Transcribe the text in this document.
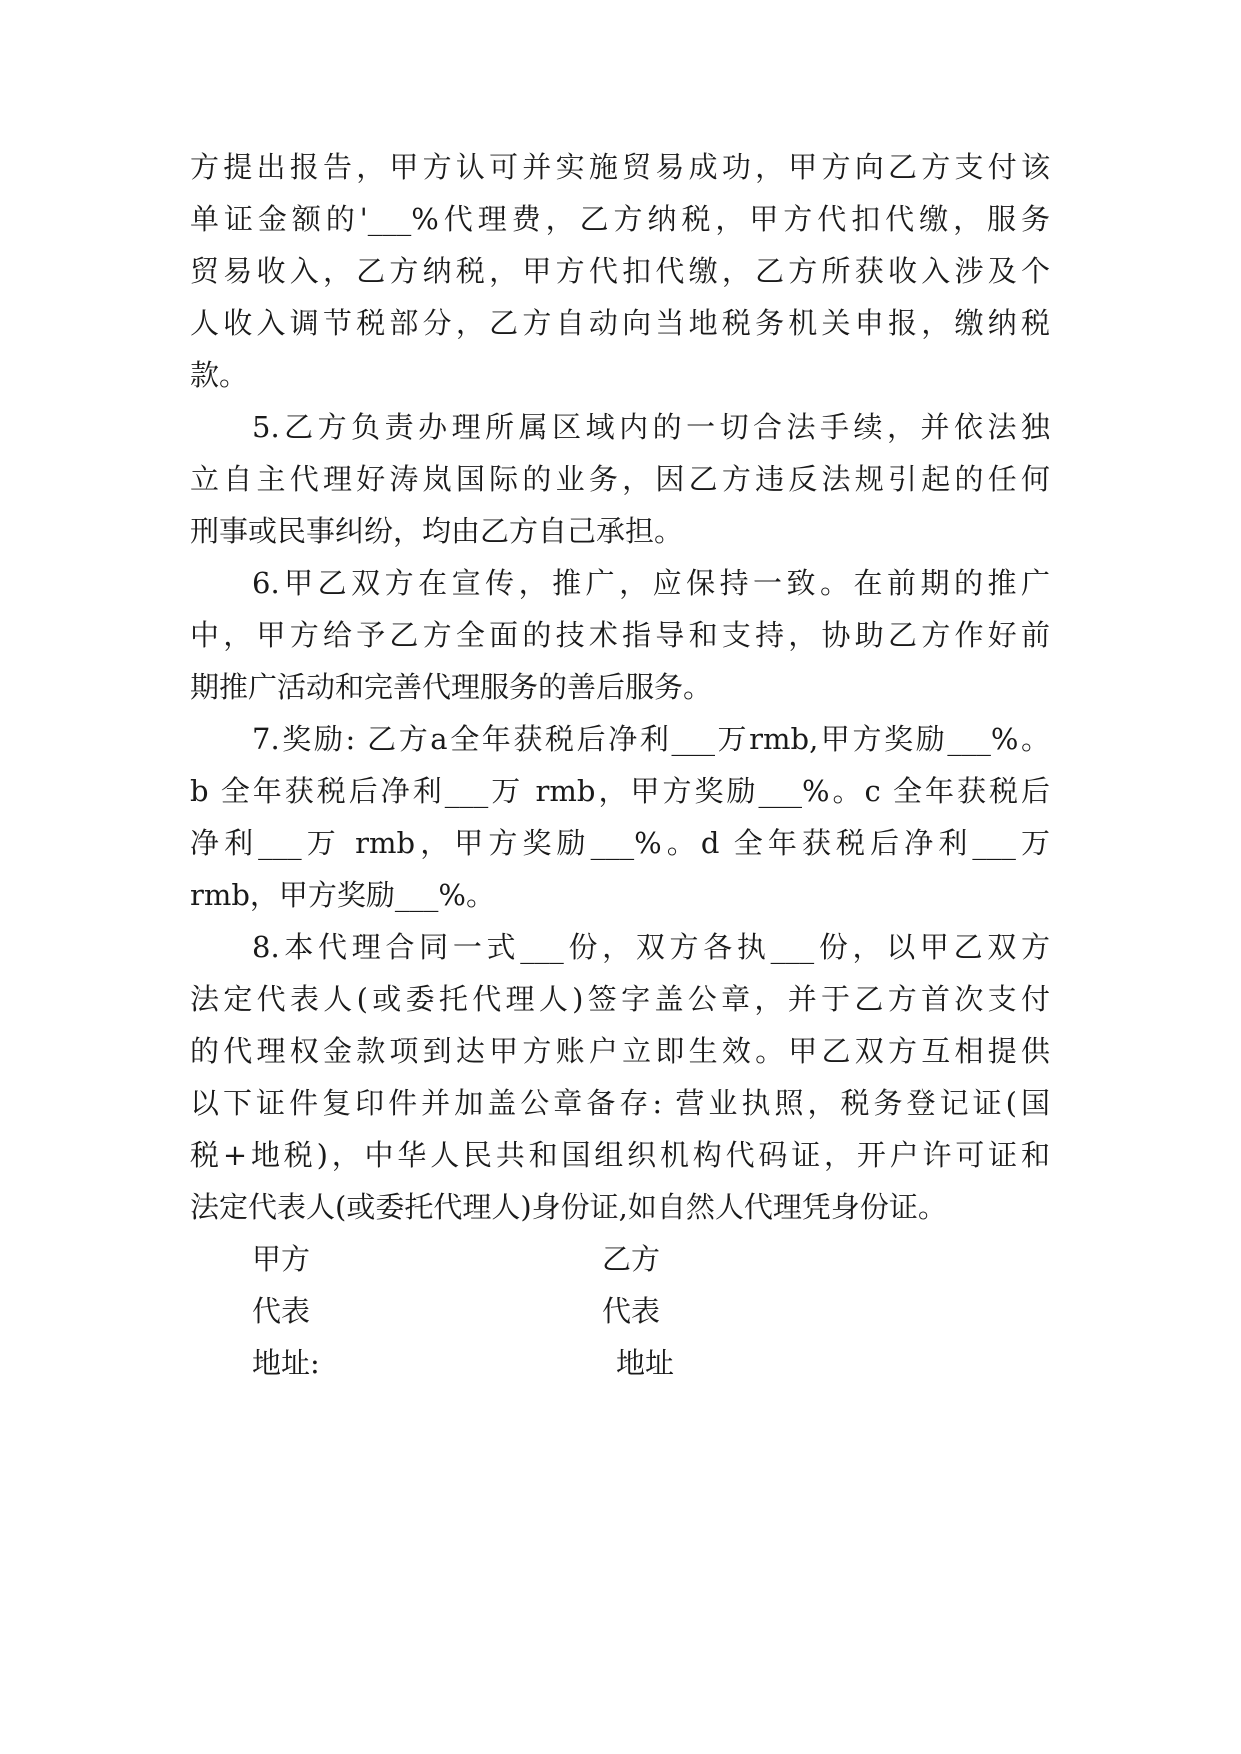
方提出报告，甲方认可并实施贸易成功，甲方向乙方支付该
单证金额的'___%代理费，乙方纳税，甲方代扣代缴，服务
贸易收入，乙方纳税，甲方代扣代缴，乙方所获收入涉及个
人收入调节税部分，乙方自动向当地税务机关申报，缴纳税
款。
5.乙方负责办理所属区域内的一切合法手续，并依法独
立自主代理好涛岚国际的业务，因乙方违反法规引起的任何
刑事或民事纠纷，均由乙方自己承担。
6.甲乙双方在宣传，推广，应保持一致。在前期的推广
中，甲方给予乙方全面的技术指导和支持，协助乙方作好前
期推广活动和完善代理服务的善后服务。
7.奖励: 乙方a全年获税后净利___万rmb,甲方奖励___%。
b 全年获税后净利___万 rmb，甲方奖励___%。c 全年获税后
净利___万 rmb，甲方奖励___%。d 全年获税后净利___万
rmb，甲方奖励___%。
8.本代理合同一式___份，双方各执___份，以甲乙双方
法定代表人(或委托代理人)签字盖公章，并于乙方首次支付
的代理权金款项到达甲方账户立即生效。甲乙双方互相提供
以下证件复印件并加盖公章备存: 营业执照，税务登记证(国
税+地税)，中华人民共和国组织机构代码证，开户许可证和
法定代表人(或委托代理人)身份证,如自然人代理凭身份证。
甲方	乙方
代表	代表
地址:	地址
